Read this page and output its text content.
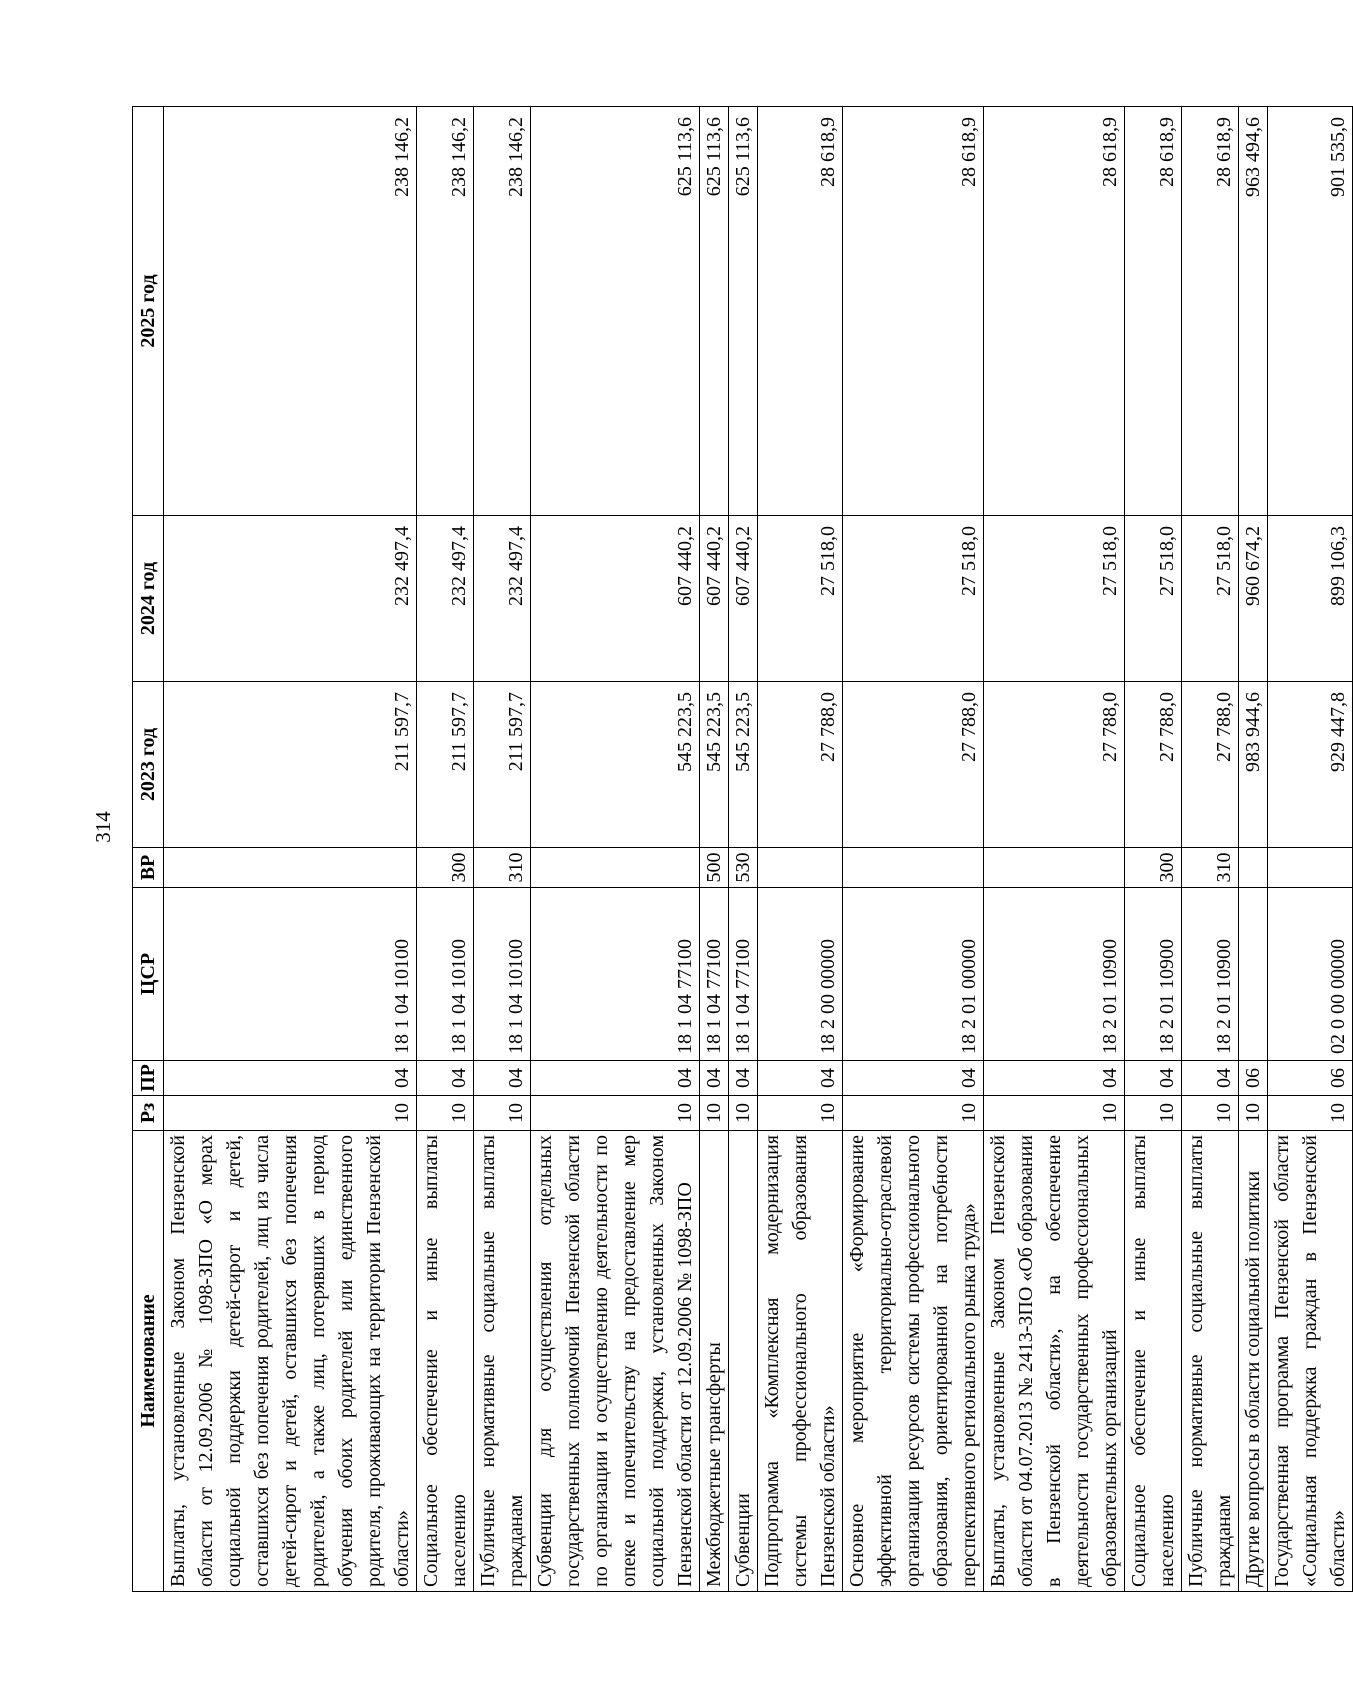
314
Наименование	Рз	ПР	ЦСР	ВР	2023 год	2024 год	2025 год
Выплаты, установленные Законом Пензенской области от 12.09.2006 № 1098-ЗПО «О мерах социальной поддержки детей-сирот и детей, оставшихся без попечения родителей, лиц из числа детей-сирот и детей, оставшихся без попечения родителей, а также лиц, потерявших в период обучения обоих родителей или единственного родителя, проживающих на территории Пензенской области»	10	04	18 1 04 10100		211 597,7	232 497,4	238 146,2
Социальное обеспечение и иные выплаты населению	10	04	18 1 04 10100	300	211 597,7	232 497,4	238 146,2
Публичные нормативные социальные выплаты гражданам	10	04	18 1 04 10100	310	211 597,7	232 497,4	238 146,2
Субвенции для осуществления отдельных государственных полномочий Пензенской области по организации и осуществлению деятельности по опеке и попечительству на предоставление мер социальной поддержки, установленных Законом Пензенской области от 12.09.2006 № 1098-ЗПО	10	04	18 1 04 77100		545 223,5	607 440,2	625 113,6
Межбюджетные трансферты	10	04	18 1 04 77100	500	545 223,5	607 440,2	625 113,6
Субвенции	10	04	18 1 04 77100	530	545 223,5	607 440,2	625 113,6
Подпрограмма «Комплексная модернизация системы профессионального образования Пензенской области»	10	04	18 2 00 00000		27 788,0	27 518,0	28 618,9
Основное мероприятие «Формирование эффективной территориально-отраслевой организации ресурсов системы профессионального образования, ориентированной на потребности перспективного регионального рынка труда»	10	04	18 2 01 00000		27 788,0	27 518,0	28 618,9
Выплаты, установленные Законом Пензенской области от 04.07.2013 № 2413-ЗПО «Об образовании в Пензенской области», на обеспечение деятельности государственных профессиональных образовательных организаций	10	04	18 2 01 10900		27 788,0	27 518,0	28 618,9
Социальное обеспечение и иные выплаты населению	10	04	18 2 01 10900	300	27 788,0	27 518,0	28 618,9
Публичные нормативные социальные выплаты гражданам	10	04	18 2 01 10900	310	27 788,0	27 518,0	28 618,9
Другие вопросы в области социальной политики	10	06			983 944,6	960 674,2	963 494,6
Государственная программа Пензенской области «Социальная поддержка граждан в Пензенской области»	10	06	02 0 00 00000		929 447,8	899 106,3	901 535,0
